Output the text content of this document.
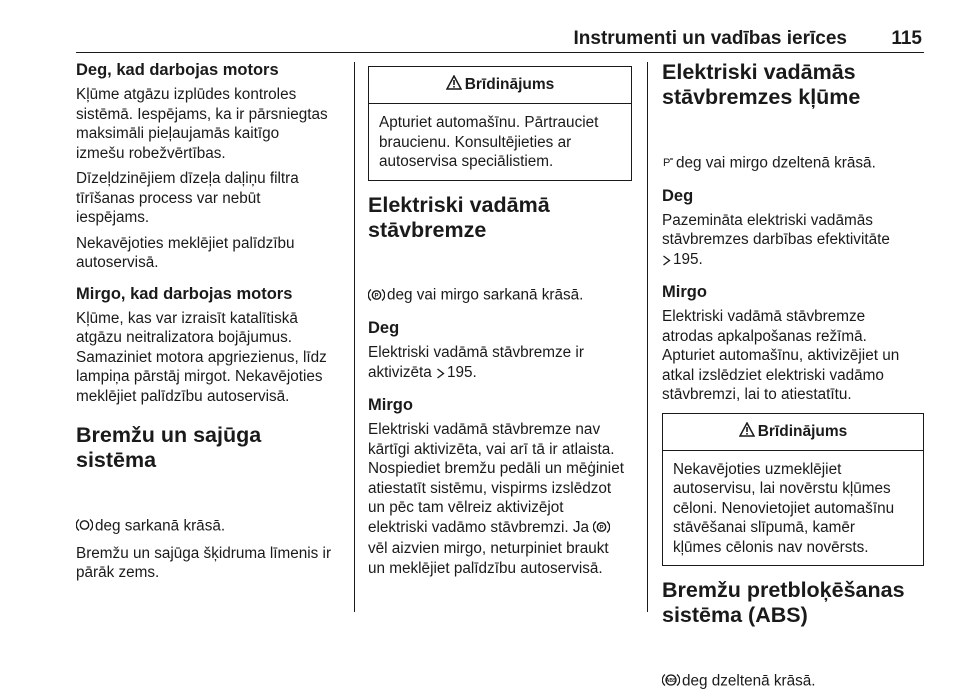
Instrumenti un vadības ierīces 115
Deg, kad darbojas motors
Kļūme atgāzu izplūdes kontroles
sistēmā. Iespējams, ka ir pārsniegtas
maksimāli pieļaujamās kaitīgo
izmešu robežvērtības.
Dīzeļdzinējiem dīzeļa daļiņu filtra
tīrīšanas process var nebūt
iespējams.
Nekavējoties meklējiet palīdzību
autoservisā.
Mirgo, kad darbojas motors
Kļūme, kas var izraisīt katalītiskā
atgāzu neitralizatora bojājumus.
Samaziniet motora apgriezienus, līdz
lampiņa pārstāj mirgot. Nekavējoties
meklējiet palīdzību autoservisā.
Bremžu un sajūga sistēma

deg sarkanā krāsā.

Bremžu un sajūga šķidruma līmenis ir
pārāk zems.
Brīdinājums
Apturiet automašīnu. Pārtrauciet
braucienu. Konsultējieties ar
autoservisa speciālistiem.
Elektriski vadāmā
stāvbremze

P deg vai mirgo sarkanā krāsā.

Deg
Elektriski vadāmā stāvbremze ir
aktivizēta 195.
Mirgo
Elektriski vadāmā stāvbremze nav
kārtīgi aktivizēta, vai arī tā ir atlaista.
Nospiediet bremžu pedāli un mēģiniet
atiestatīt sistēmu, vispirms izslēdzot
un pēc tam vēlreiz aktivizējot
elektriski vadāmo stāvbremzi. Ja P

vēl aizvien mirgo, neturpiniet braukt
un meklējiet palīdzību autoservisā.
Elektriski vadāmās
stāvbremzes kļūme

P deg vai mirgo dzeltenā krāsā.

Deg
Pazemināta elektriski vadāmās
stāvbremzes darbības efektivitāte
195.
Mirgo
Elektriski vadāmā stāvbremze
atrodas apkalpošanas režīmā.
Apturiet automašīnu, aktivizējiet un
atkal izslēdziet elektriski vadāmo
stāvbremzi, lai to atiestatītu.
Brīdinājums
Nekavējoties uzmeklējiet
autoservisu, lai novērstu kļūmes
cēloni. Nenovietojiet automašīnu
stāvēšanai slīpumā, kamēr
kļūmes cēlonis nav novērsts.
Bremžu pretbloķēšanas
sistēma (ABS)

ABS deg dzeltenā krāsā.
